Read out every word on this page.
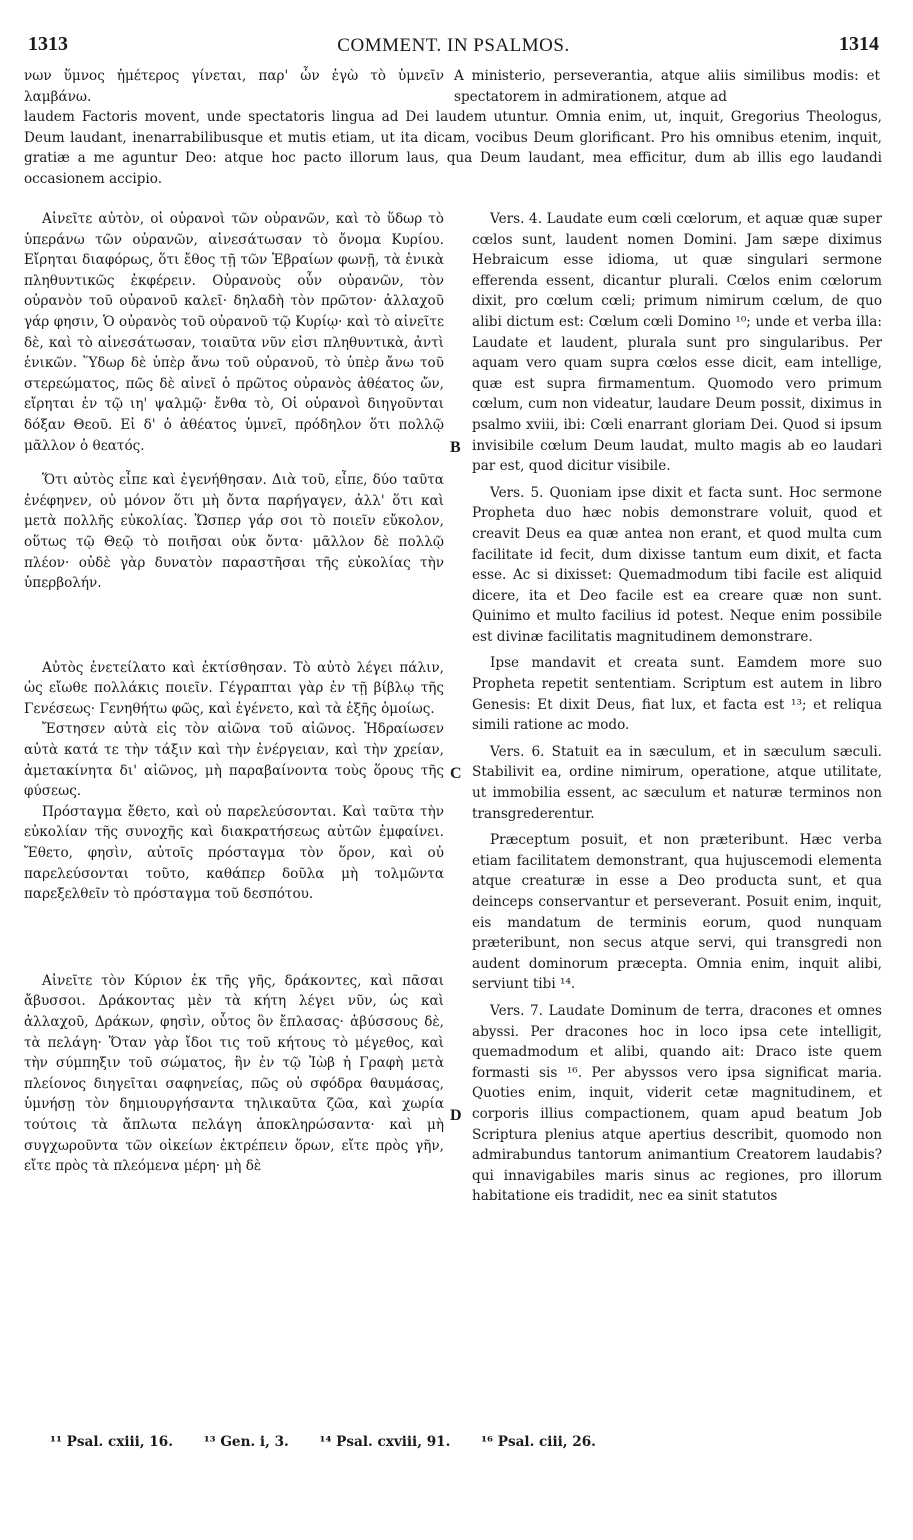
1313	COMMENT. IN PSALMOS.	1314
νων ὕμνος ἡμέτερος γίνεται, παρ' ὧν ἐγὼ τὸ ὑμνεῖν λαμβάνω.A ministerio, perseverantia, atque aliis similibus modis: et spectatorem in admirationem, atque ad
laudem Factoris movent, unde spectatoris lingua ad Dei laudem utuntur. Omnia enim, ut, inquit, Gregorius Theologus, Deum laudant, inenarrabilibusque et mutis etiam, ut ita dicam, vocibus Deum glorificant. Pro his omnibus etenim, inquit, gratiæ a me aguntur Deo: atque hoc pacto illorum laus, qua Deum laudant, mea efficitur, dum ab illis ego laudandi occasionem accipio.

Αἰνεῖτε αὐτὸν, οἱ οὐρανοὶ τῶν οὐρανῶν, καὶ τὸ ὕδωρ τὸ ὑπεράνω τῶν οὐρανῶν, αἰνεσάτωσαν τὸ ὄνομα Κυρίου. Εἴρηται διαφόρως, ὅτι ἔθος τῇ τῶν Ἑβραίων φωνῇ, τὰ ἑνικὰ πληθυντικῶς ἐκφέρειν. Οὐρανοὺς οὖν οὐρανῶν, τὸν οὐρανὸν τοῦ οὐρανοῦ καλεῖ· δηλαδὴ τὸν πρῶτον· ἀλλαχοῦ γάρ φησιν, Ὁ οὐρανὸς τοῦ οὐρανοῦ τῷ Κυρίῳ· καὶ τὸ αἰνεῖτε δὲ, καὶ τὸ αἰνεσάτωσαν, τοιαῦτα νῦν εἰσι πληθυντικὰ, ἀντὶ ἑνικῶν. Ὕδωρ δὲ ὑπὲρ ἄνω τοῦ οὐρανοῦ, τὸ ὑπὲρ ἄνω τοῦ στερεώματος, πῶς δὲ αἰνεῖ ὁ πρῶτος οὐρανὸς ἀθέατος ὤν, εἴρηται ἐν τῷ ιη' ψαλμῷ· ἔνθα τὸ, Οἱ οὐρανοὶ διηγοῦνται δόξαν Θεοῦ. Εἰ δ' ὁ ἀθέατος ὑμνεῖ, πρόδηλον ὅτι πολλῷ μᾶλλον ὁ θεατός.

Ὅτι αὐτὸς εἶπε καὶ ἐγενήθησαν. Διὰ τοῦ, εἶπε, δύο ταῦτα ἐνέφηνεν, οὐ μόνον ὅτι μὴ ὄντα παρήγαγεν, ἀλλ' ὅτι καὶ μετὰ πολλῆς εὐκολίας. Ὥσπερ γάρ σοι τὸ ποιεῖν εὔκολον, οὕτως τῷ Θεῷ τὸ ποιῆσαι οὐκ ὄντα· μᾶλλον δὲ πολλῷ πλέον· οὐδὲ γὰρ δυνατὸν παραστῆσαι τῆς εὐκολίας τὴν ὑπερβολήν.

Αὐτὸς ἐνετείλατο καὶ ἐκτίσθησαν. Τὸ αὐτὸ λέγει πάλιν, ὡς εἴωθε πολλάκις ποιεῖν. Γέγραπται γὰρ ἐν τῇ βίβλῳ τῆς Γενέσεως· Γενηθήτω φῶς, καὶ ἐγένετο, καὶ τὰ ἑξῆς ὁμοίως.

Ἔστησεν αὐτὰ εἰς τὸν αἰῶνα τοῦ αἰῶνος. Ἡδραίωσεν αὐτὰ κατά τε τὴν τάξιν καὶ τὴν ἐνέργειαν, καὶ τὴν χρείαν, ἀμετακίνητα δι' αἰῶνος, μὴ παραβαίνοντα τοὺς ὅρους τῆς φύσεως.

Πρόσταγμα ἔθετο, καὶ οὐ παρελεύσονται. Καὶ ταῦτα τὴν εὐκολίαν τῆς συνοχῆς καὶ διακρατήσεως αὐτῶν ἐμφαίνει. Ἔθετο, φησὶν, αὐτοῖς πρόσταγμα τὸν ὅρον, καὶ οὐ παρελεύσονται τοῦτο, καθάπερ δοῦλα μὴ τολμῶντα παρεξελθεῖν τὸ πρόσταγμα τοῦ δεσπότου.

Αἰνεῖτε τὸν Κύριον ἐκ τῆς γῆς, δράκοντες, καὶ πᾶσαι ἄβυσσοι. Δράκοντας μὲν τὰ κήτη λέγει νῦν, ὡς καὶ ἀλλαχοῦ, Δράκων, φησὶν, οὗτος ὃν ἔπλασας· ἀβύσσους δὲ, τὰ πελάγη· Ὅταν γὰρ ἴδοι τις τοῦ κήτους τὸ μέγεθος, καὶ τὴν σύμπηξιν τοῦ σώματος, ἣν ἐν τῷ Ἰὼβ ἡ Γραφὴ μετὰ πλείονος διηγεῖται σαφηνείας, πῶς οὐ σφόδρα θαυμάσας, ὑμνήσῃ τὸν δημιουργήσαντα τηλικαῦτα ζῶα, καὶ χωρία τούτοις τὰ ἄπλωτα πελάγη ἀποκληρώσαντα· καὶ μὴ συγχωροῦντα τῶν οἰκείων ἐκτρέπειν ὅρων, εἴτε πρὸς γῆν, εἴτε πρὸς τὰ πλεόμενα μέρη· μὴ δὲ

Vers. 4. Laudate eum cœli cœlorum, et aquæ quæ super cœlos sunt, laudent nomen Domini. Jam sæpe diximus Hebraicum esse idioma, ut quæ singulari sermone efferenda essent, dicantur plurali. Cœlos enim cœlorum dixit, pro cœlum cœli; primum nimirum cœlum, de quo alibi dictum est: Cœlum cœli Domino ¹⁰; unde et verba illa: Laudate et laudent, plurala sunt pro singularibus. Per aquam vero quam supra cœlos esse dicit, eam intellige, quæ est supra firmamentum. Quomodo vero primum cœlum, cum non videatur, laudare Deum possit, diximus in psalmo xviii, ibi: Cœli enarrant gloriam Dei. Quod si ipsum invisibile cœlum Deum laudat, multo magis ab eo laudari par est, quod dicitur visibile.

Vers. 5. Quoniam ipse dixit et facta sunt. Hoc sermone Propheta duo hæc nobis demonstrare voluit, quod et creavit Deus ea quæ antea non erant, et quod multa cum facilitate id fecit, dum dixisse tantum eum dixit, et facta esse. Ac si dixisset: Quemadmodum tibi facile est aliquid dicere, ita et Deo facile est ea creare quæ non sunt. Quinimo et multo facilius id potest. Neque enim possibile est divinæ facilitatis magnitudinem demonstrare.

Ipse mandavit et creata sunt. Eamdem more suo Propheta repetit sententiam. Scriptum est autem in libro Genesis: Et dixit Deus, fiat lux, et facta est ¹³; et reliqua simili ratione ac modo.

Vers. 6. Statuit ea in sæculum, et in sæculum sæculi. Stabilivit ea, ordine nimirum, operatione, atque utilitate, ut immobilia essent, ac sæculum et naturæ terminos non transgrederentur.

Præceptum posuit, et non præteribunt. Hæc verba etiam facilitatem demonstrant, qua hujuscemodi elementa atque creaturæ in esse a Deo producta sunt, et qua deinceps conservantur et perseverant. Posuit enim, inquit, eis mandatum de terminis eorum, quod nunquam præteribunt, non secus atque servi, qui transgredi non audent dominorum præcepta. Omnia enim, inquit alibi, serviunt tibi ¹⁴.

Vers. 7. Laudate Dominum de terra, dracones et omnes abyssi. Per dracones hoc in loco ipsa cete intelligit, quemadmodum et alibi, quando ait: Draco iste quem formasti sis ¹⁶. Per abyssos vero ipsa significat maria. Quoties enim, inquit, viderit cetæ magnitudinem, et corporis illius compactionem, quam apud beatum Job Scriptura plenius atque apertius describit, quomodo non admirabundus tantorum animantium Creatorem laudabis? qui innavigabiles maris sinus ac regiones, pro illorum habitatione eis tradidit, nec ea sinit statutos

B
C
D
¹¹ Psal. cxiii, 16. ¹³ Gen. i, 3. ¹⁴ Psal. cxviii, 91. ¹⁶ Psal. ciii, 26.
